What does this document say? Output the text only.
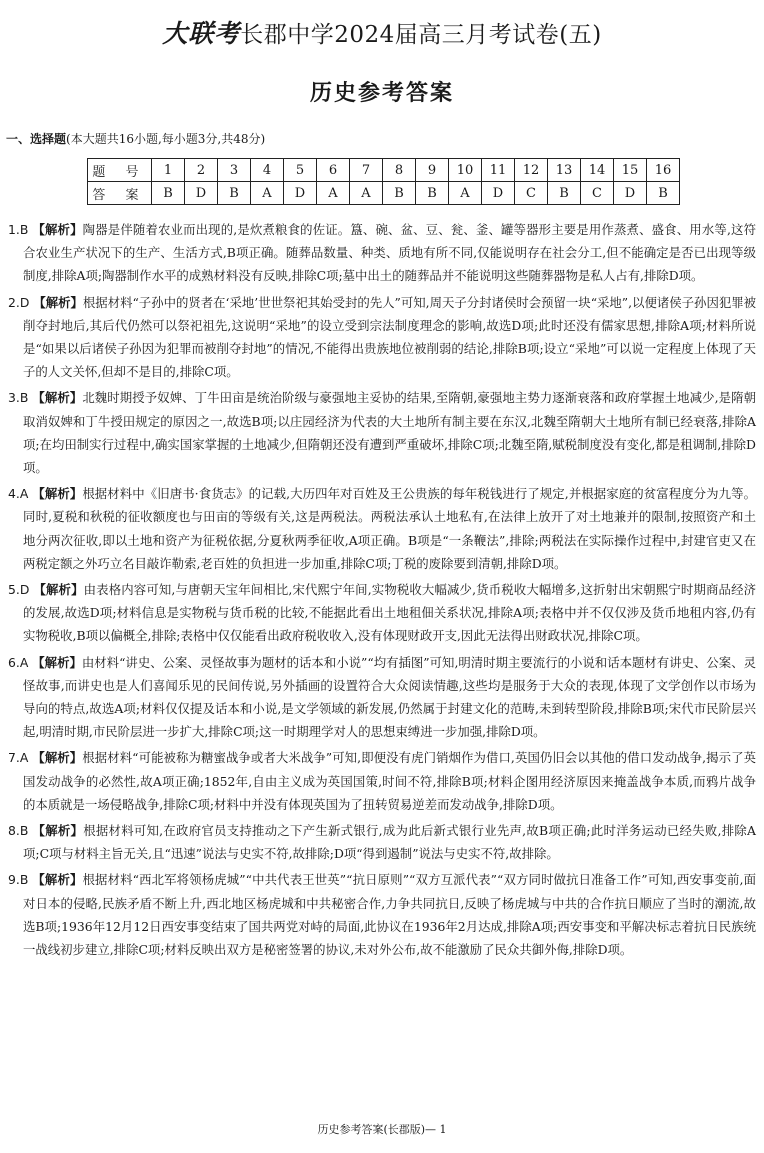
大联考长郡中学2024届高三月考试卷(五)
历史参考答案
一、选择题(本大题共16小题,每小题3分,共48分)
题 号	1	2	3	4	5	6	7	8	9	10	11	12	13	14	15	16
答 案	B	D	B	A	D	A	A	B	B	A	D	C	B	C	D	B

1.B 【解析】陶器是伴随着农业而出现的,是炊煮粮食的佐证。簋、碗、盆、豆、瓮、釜、罐等器形主要是用作蒸煮、盛食、用水等,这符合农业生产状况下的生产、生活方式,B项正确。随葬品数量、种类、质地有所不同,仅能说明存在社会分工,但不能确定是否已出现等级制度,排除A项;陶器制作水平的成熟材料没有反映,排除C项;墓中出土的随葬品并不能说明这些随葬器物是私人占有,排除D项。

2.D 【解析】根据材料“子孙中的贤者在‘采地’世世祭祀其始受封的先人”可知,周天子分封诸侯时会预留一块“采地”,以便诸侯子孙因犯罪被削夺封地后,其后代仍然可以祭祀祖先,这说明“采地”的设立受到宗法制度理念的影响,故选D项;此时还没有儒家思想,排除A项;材料所说是“如果以后诸侯子孙因为犯罪而被削夺封地”的情况,不能得出贵族地位被削弱的结论,排除B项;设立“采地”可以说一定程度上体现了天子的人文关怀,但却不是目的,排除C项。

3.B 【解析】北魏时期授予奴婢、丁牛田亩是统治阶级与豪强地主妥协的结果,至隋朝,豪强地主势力逐渐衰落和政府掌握土地减少,是隋朝取消奴婢和丁牛授田规定的原因之一,故选B项;以庄园经济为代表的大土地所有制主要在东汉,北魏至隋朝大土地所有制已经衰落,排除A项;在均田制实行过程中,确实国家掌握的土地减少,但隋朝还没有遭到严重破坏,排除C项;北魏至隋,赋税制度没有变化,都是租调制,排除D项。

4.A 【解析】根据材料中《旧唐书·食货志》的记载,大历四年对百姓及王公贵族的每年税钱进行了规定,并根据家庭的贫富程度分为九等。同时,夏税和秋税的征收额度也与田亩的等级有关,这是两税法。两税法承认土地私有,在法律上放开了对土地兼并的限制,按照资产和土地分两次征收,即以土地和资产为征税依据,分夏秋两季征收,A项正确。B项是“一条鞭法”,排除;两税法在实际操作过程中,封建官吏又在两税定额之外巧立名目敲诈勒索,老百姓的负担进一步加重,排除C项;丁税的废除要到清朝,排除D项。

5.D 【解析】由表格内容可知,与唐朝天宝年间相比,宋代熙宁年间,实物税收大幅减少,货币税收大幅增多,这折射出宋朝熙宁时期商品经济的发展,故选D项;材料信息是实物税与货币税的比较,不能据此看出土地租佃关系状况,排除A项;表格中并不仅仅涉及货币地租内容,仍有实物税收,B项以偏概全,排除;表格中仅仅能看出政府税收收入,没有体现财政开支,因此无法得出财政状况,排除C项。

6.A 【解析】由材料“讲史、公案、灵怪故事为题材的话本和小说”“均有插图”可知,明清时期主要流行的小说和话本题材有讲史、公案、灵怪故事,而讲史也是人们喜闻乐见的民间传说,另外插画的设置符合大众阅读情趣,这些均是服务于大众的表现,体现了文学创作以市场为导向的特点,故选A项;材料仅仅提及话本和小说,是文学领域的新发展,仍然属于封建文化的范畴,未到转型阶段,排除B项;宋代市民阶层兴起,明清时期,市民阶层进一步扩大,排除C项;这一时期理学对人的思想束缚进一步加强,排除D项。

7.A 【解析】根据材料“可能被称为糖蜜战争或者大米战争”可知,即便没有虎门销烟作为借口,英国仍旧会以其他的借口发动战争,揭示了英国发动战争的必然性,故A项正确;1852年,自由主义成为英国国策,时间不符,排除B项;材料企图用经济原因来掩盖战争本质,而鸦片战争的本质就是一场侵略战争,排除C项;材料中并没有体现英国为了扭转贸易逆差而发动战争,排除D项。

8.B 【解析】根据材料可知,在政府官员支持推动之下产生新式银行,成为此后新式银行业先声,故B项正确;此时洋务运动已经失败,排除A项;C项与材料主旨无关,且“迅速”说法与史实不符,故排除;D项“得到遏制”说法与史实不符,故排除。

9.B 【解析】根据材料“西北军将领杨虎城”“中共代表王世英”“抗日原则”“双方互派代表”“双方同时做抗日准备工作”可知,西安事变前,面对日本的侵略,民族矛盾不断上升,西北地区杨虎城和中共秘密合作,力争共同抗日,反映了杨虎城与中共的合作抗日顺应了当时的潮流,故选B项;1936年12月12日西安事变结束了国共两党对峙的局面,此协议在1936年2月达成,排除A项;西安事变和平解决标志着抗日民族统一战线初步建立,排除C项;材料反映出双方是秘密签署的协议,未对外公布,故不能激励了民众共御外侮,排除D项。

历史参考答案(长郡版)— 1
